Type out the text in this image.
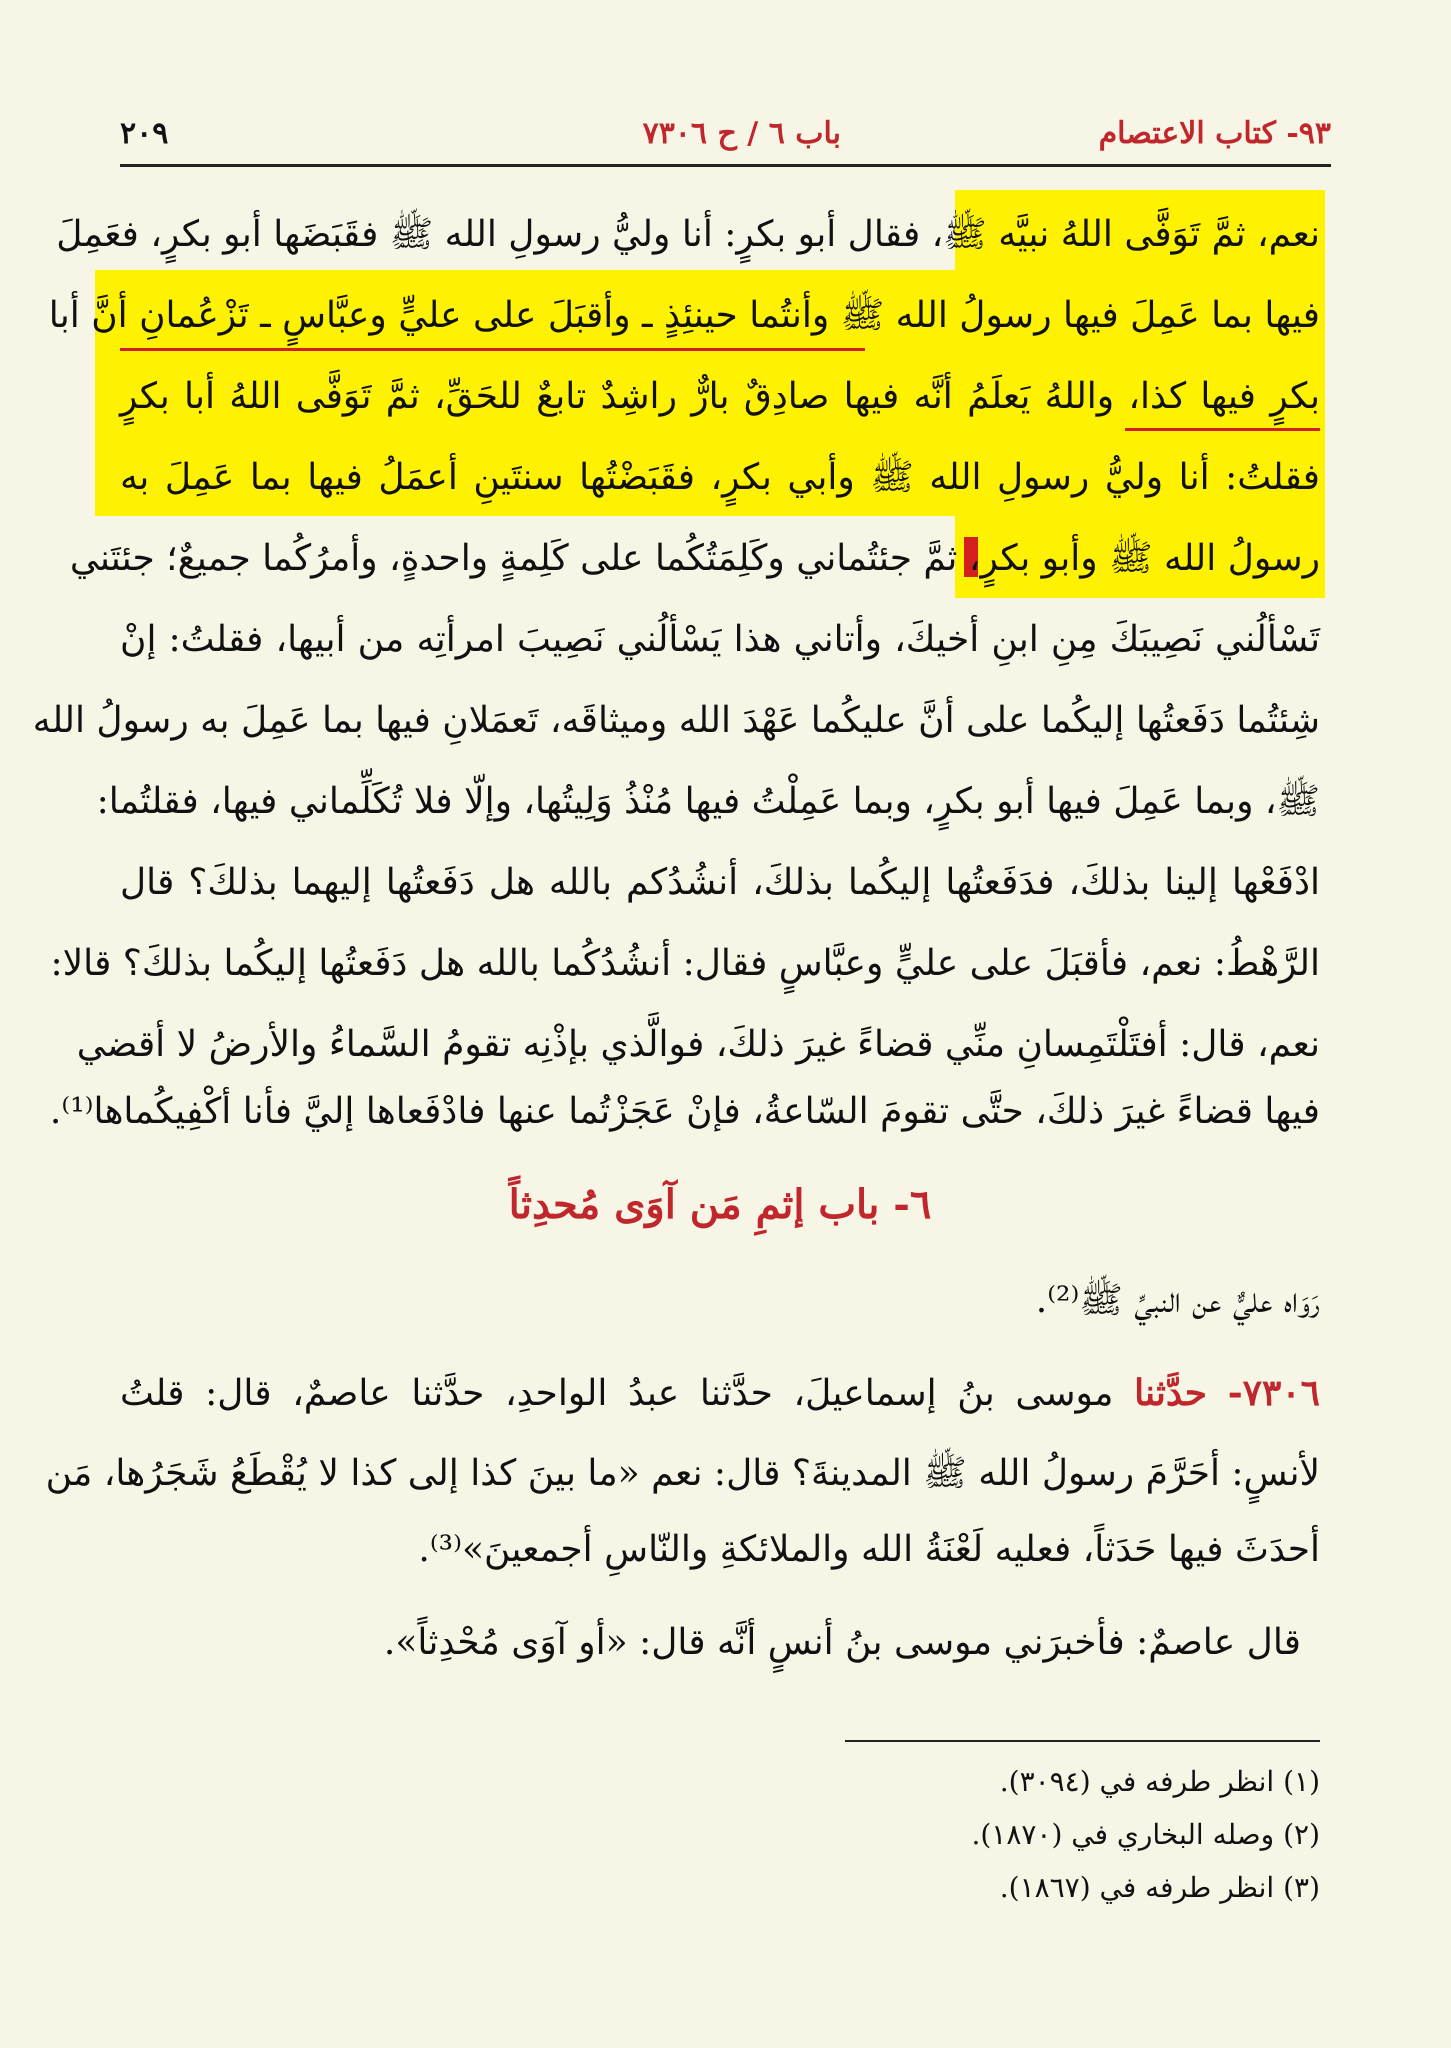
٩٣- كتاب الاعتصام
باب ٦ / ح ٧٣٠٦
٢٠٩
نعم، ثمَّ تَوَفَّى اللهُ نبيَّه ﷺ، فقال أبو بكرٍ: أنا وليُّ رسولِ الله ﷺ فقَبَضَها أبو بكرٍ، فعَمِلَ
فيها بما عَمِلَ فيها رسولُ الله ﷺ وأنتُما حينئِذٍ ـ وأقبَلَ على عليٍّ وعبَّاسٍ ـ تَزْعُمانِ أنَّ أبا
بكرٍ فيها كذا، واللهُ يَعلَمُ أنَّه فيها صادِقٌ بارٌّ راشِدٌ تابعٌ للحَقِّ، ثمَّ تَوَفَّى اللهُ أبا بكرٍ
فقلتُ: أنا وليُّ رسولِ الله ﷺ وأبي بكرٍ، فقَبَضْتُها سنتَينِ أعمَلُ فيها بما عَمِلَ به
رسولُ الله ﷺ وأبو بكرٍ، ثمَّ جئتُماني وكَلِمَتُكُما على كَلِمةٍ واحدةٍ، وأمرُكُما جميعٌ؛ جئتَني
تَسْألُني نَصِيبَكَ مِنِ ابنِ أخيكَ، وأتاني هذا يَسْألُني نَصِيبَ امرأتِه من أبيها، فقلتُ: إنْ
شِئتُما دَفَعتُها إليكُما على أنَّ عليكُما عَهْدَ الله وميثاقَه، تَعمَلانِ فيها بما عَمِلَ به رسولُ الله
ﷺ، وبما عَمِلَ فيها أبو بكرٍ، وبما عَمِلْتُ فيها مُنْذُ وَلِيتُها، وإلّا فلا تُكَلِّماني فيها، فقلتُما:
ادْفَعْها إلينا بذلكَ، فدَفَعتُها إليكُما بذلكَ، أنشُدُكم بالله هل دَفَعتُها إليهما بذلكَ؟ قال
الرَّهْطُ: نعم، فأقبَلَ على عليٍّ وعبَّاسٍ فقال: أنشُدُكُما بالله هل دَفَعتُها إليكُما بذلكَ؟ قالا:
نعم، قال: أفتَلْتَمِسانِ منِّي قضاءً غيرَ ذلكَ، فوالَّذي بإذْنِه تقومُ السَّماءُ والأرضُ لا أقضي
فيها قضاءً غيرَ ذلكَ، حتَّى تقومَ السّاعةُ، فإنْ عَجَزْتُما عنها فادْفَعاها إليَّ فأنا أكْفِيكُماها⁽¹⁾.
٦- باب إثمِ مَن آوَى مُحدِثاً
رَوَاه عليٌّ عن النبيِّ ﷺ⁽²⁾.
٧٣٠٦- حدَّثنا موسى بنُ إسماعيلَ، حدَّثنا عبدُ الواحدِ، حدَّثنا عاصمٌ، قال: قلتُ
لأنسٍ: أحَرَّمَ رسولُ الله ﷺ المدينةَ؟ قال: نعم «ما بينَ كذا إلى كذا لا يُقْطَعُ شَجَرُها، مَن
أحدَثَ فيها حَدَثاً، فعليه لَعْنَةُ الله والملائكةِ والنّاسِ أجمعينَ»⁽³⁾.
قال عاصمٌ: فأخبرَني موسى بنُ أنسٍ أنَّه قال: «أو آوَى مُحْدِثاً».
(١) انظر طرفه في (٣٠٩٤).
(٢) وصله البخاري في (١٨٧٠).
(٣) انظر طرفه في (١٨٦٧).
